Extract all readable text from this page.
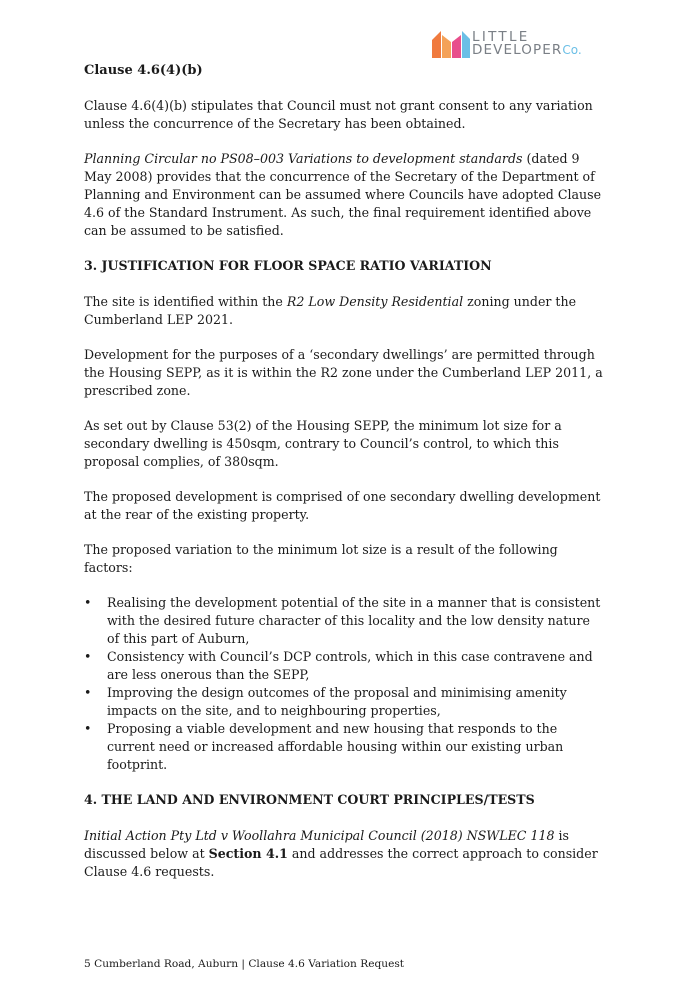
LITTLE
DEVELOPERCo.
Clause 4.6(4)(b)

Clause 4.6(4)(b) stipulates that Council must not grant consent to any variation unless the concurrence of the Secretary has been obtained.

Planning Circular no PS08–003 Variations to development standards (dated 9 May 2008) provides that the concurrence of the Secretary of the Department of Planning and Environment can be assumed where Councils have adopted Clause 4.6 of the Standard Instrument. As such, the final requirement identified above can be assumed to be satisfied.

3. JUSTIFICATION FOR FLOOR SPACE RATIO VARIATION

The site is identified within the R2 Low Density Residential zoning under the Cumberland LEP 2021.

Development for the purposes of a ‘secondary dwellings’ are permitted through the Housing SEPP, as it is within the R2 zone under the Cumberland LEP 2011, a prescribed zone.

As set out by Clause 53(2) of the Housing SEPP, the minimum lot size for a secondary dwelling is 450sqm, contrary to Council’s control, to which this proposal complies, of 380sqm.

The proposed development is comprised of one secondary dwelling development at the rear of the existing property.

The proposed variation to the minimum lot size is a result of the following factors:

• Realising the development potential of the site in a manner that is consistent with the desired future character of this locality and the low density nature of this part of Auburn,
• Consistency with Council’s DCP controls, which in this case contravene and are less onerous than the SEPP,
• Improving the design outcomes of the proposal and minimising amenity impacts on the site, and to neighbouring properties,
• Proposing a viable development and new housing that responds to the current need or increased affordable housing within our existing urban footprint.
4. THE LAND AND ENVIRONMENT COURT PRINCIPLES/TESTS

Initial Action Pty Ltd v Woollahra Municipal Council (2018) NSWLEC 118 is discussed below at Section 4.1 and addresses the correct approach to consider Clause 4.6 requests.

5 Cumberland Road, Auburn | Clause 4.6 Variation Request
